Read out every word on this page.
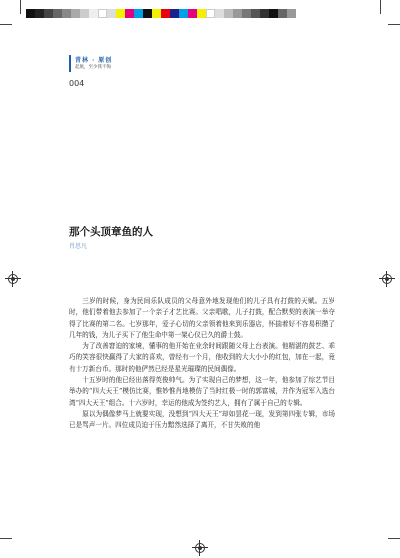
青林 · 原创
起航，至少我不悔
004
那个头顶章鱼的人
肖思凡

三岁的时候，身为民间乐队成员的父母意外地发现他们的儿子具有打鼓的天赋。五岁时，他们带着他去参加了一个亲子才艺比赛。父亲唱歌，儿子打鼓，配合默契的表演一举夺得了比赛的第二名。七岁那年，爱子心切的父亲领着他来到乐器店，怀揣着好不容易积攒了几年的钱，为儿子买下了他生命中第一架心仪已久的爵士鼓。

为了改善窘迫的家境，懂事的他开始在业余时间跟随父母上台表演。他精湛的鼓艺、乖巧的笑容很快赢得了大家的喜欢，曾经有一个月，他收到的大大小小的红包，加在一起，竟有十万新台币。那时的他俨然已经是星光璀璨的民间偶像。

十五岁时的他已经出落得英俊帅气。为了实现自己的梦想，这一年，他参加了综艺节目举办的“四大天王”模仿比赛，惟妙惟肖地模仿了当时红极一时的郭富城，并作为冠军入选台湾“四大天王”组合。十六岁时，幸运的他成为签约艺人，拥有了属于自己的专辑。

原以为偶像梦马上就要实现，没想到“四大天王”却如昙花一现，发到第四张专辑，市场已是骂声一片。四位成员迫于压力黯然选择了离开，不甘失败的他
